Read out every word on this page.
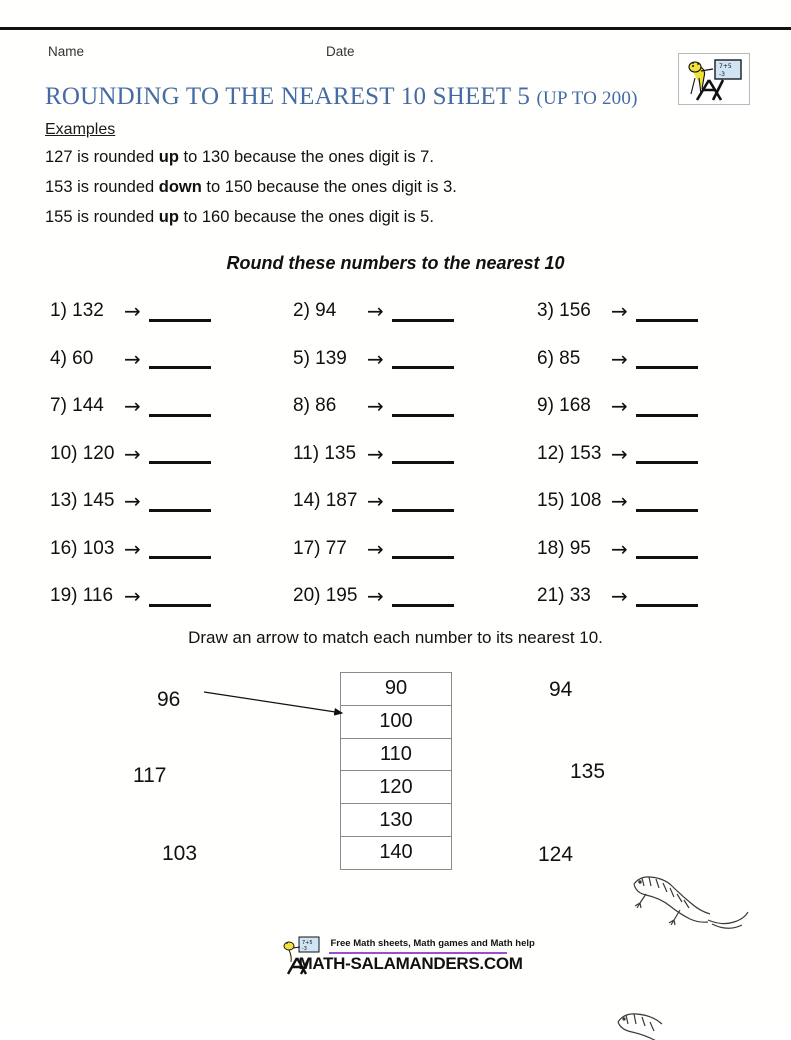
Name	Date
7+5
-3
ROUNDING TO THE NEAREST 10 SHEET 5 (UP TO 200)
Examples
127 is rounded up to 130 because the ones digit is 7.
153 is rounded down to 150 because the ones digit is 3.
155 is rounded up to 160 because the ones digit is 5.
Round these numbers to the nearest 10
1) 132	→	2) 94	→	3) 156	→
4) 60	→	5) 139	→	6) 85	→
7) 144	→	8) 86	→	9) 168	→
10) 120 →	11) 135 →	12) 153 →
13) 145 →	14) 187 →	15) 108 →
16) 103 →	17) 77	→	18) 95	→
19) 116 →	20) 195 →	21) 33	→
Draw an arrow to match each number to its nearest 10.
90
100
110
120
130
140
96
117
103
94
135
124
7+5
-3	Free Math sheets, Math games and Math help
MATH-SALAMANDERS.COM
